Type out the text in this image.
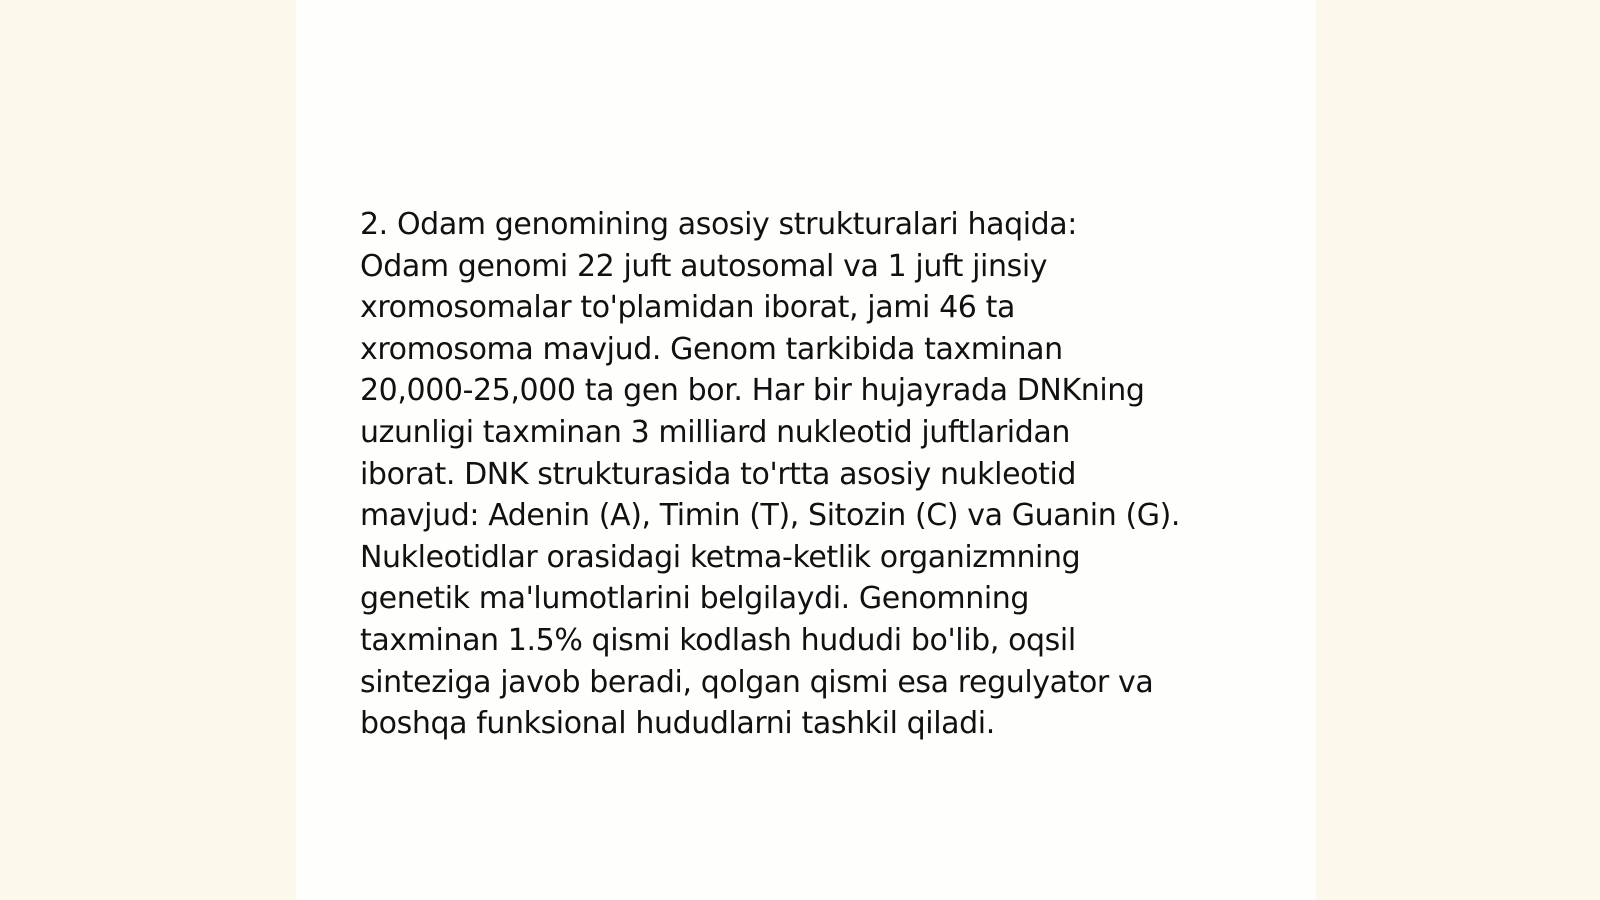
2. Odam genomining asosiy strukturalari haqida:
Odam genomi 22 juft autosomal va 1 juft jinsiy
xromosomalar to'plamidan iborat, jami 46 ta
xromosoma mavjud. Genom tarkibida taxminan
20,000-25,000 ta gen bor. Har bir hujayrada DNKning
uzunligi taxminan 3 milliard nukleotid juftlaridan
iborat. DNK strukturasida to'rtta asosiy nukleotid
mavjud: Adenin (A), Timin (T), Sitozin (C) va Guanin (G).
Nukleotidlar orasidagi ketma-ketlik organizmning
genetik ma'lumotlarini belgilaydi. Genomning
taxminan 1.5% qismi kodlash hududi bo'lib, oqsil
sinteziga javob beradi, qolgan qismi esa regulyator va
boshqa funksional hududlarni tashkil qiladi.
